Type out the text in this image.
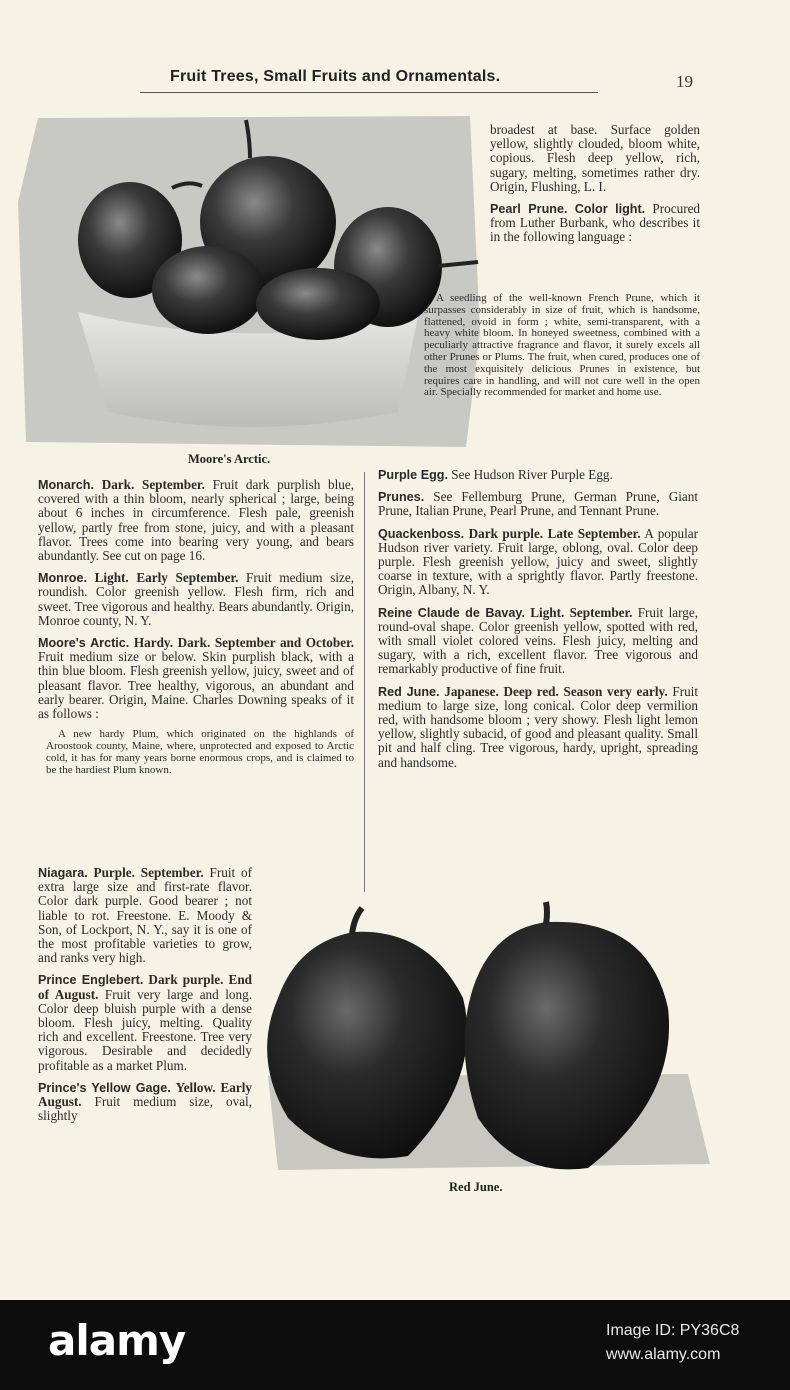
Fruit Trees, Small Fruits and Ornamentals.	19
Moore's Arctic.

broadest at base. Surface golden yellow, slightly clouded, bloom white, copious. Flesh deep yellow, rich, sugary, melting, sometimes rather dry. Origin, Flushing, L. I.

Pearl Prune. Color light. Procured from Luther Burbank, who describes it in the following language :

A seedling of the well-known French Prune, which it surpasses considerably in size of fruit, which is handsome, flattened, ovoid in form ; white, semi-transparent, with a heavy white bloom. In honeyed sweetness, combined with a peculiarly attractive fragrance and flavor, it surely excels all other Prunes or Plums. The fruit, when cured, produces one of the most exquisitely delicious Prunes in existence, but requires care in handling, and will not cure well in the open air. Specially recommended for market and home use.

Purple Egg. See Hudson River Purple Egg.

Prunes. See Fellemburg Prune, German Prune, Giant Prune, Italian Prune, Pearl Prune, and Tennant Prune.

Quackenboss. Dark purple. Late September. A popular Hudson river variety. Fruit large, oblong, oval. Color deep purple. Flesh greenish yellow, juicy and sweet, slightly coarse in texture, with a sprightly flavor. Partly freestone. Origin, Albany, N. Y.

Reine Claude de Bavay. Light. September. Fruit large, round-oval shape. Color greenish yellow, spotted with red, with small violet colored veins. Flesh juicy, melting and sugary, with a rich, excellent flavor. Tree vigorous and remarkably productive of fine fruit.

Red June. Japanese. Deep red. Season very early. Fruit medium to large size, long conical. Color deep vermilion red, with handsome bloom ; very showy. Flesh light lemon yellow, slightly subacid, of good and pleasant quality. Small pit and half cling. Tree vigorous, hardy, upright, spreading and handsome.

Monarch. Dark. September. Fruit dark purplish blue, covered with a thin bloom, nearly spherical ; large, being about 6 inches in circumference. Flesh pale, greenish yellow, partly free from stone, juicy, and with a pleasant flavor. Trees come into bearing very young, and bears abundantly. See cut on page 16.

Monroe. Light. Early September. Fruit medium size, roundish. Color greenish yellow. Flesh firm, rich and sweet. Tree vigorous and healthy. Bears abundantly. Origin, Monroe county, N. Y.

Moore's Arctic. Hardy. Dark. September and October. Fruit medium size or below. Skin purplish black, with a thin blue bloom. Flesh greenish yellow, juicy, sweet and of pleasant flavor. Tree healthy, vigorous, an abundant and early bearer. Origin, Maine. Charles Downing speaks of it as follows :

A new hardy Plum, which originated on the highlands of Aroostook county, Maine, where, unprotected and exposed to Arctic cold, it has for many years borne enormous crops, and is claimed to be the hardiest Plum known.

Niagara. Purple. September. Fruit of extra large size and first-rate flavor. Color dark purple. Good bearer ; not liable to rot. Freestone. E. Moody & Son, of Lockport, N. Y., say it is one of the most profitable varieties to grow, and ranks very high.

Prince Englebert. Dark purple. End of August. Fruit very large and long. Color deep bluish purple with a dense bloom. Flesh juicy, melting. Quality rich and excellent. Freestone. Tree very vigorous. Desirable and decidedly profitable as a market Plum.

Prince's Yellow Gage. Yellow. Early August. Fruit medium size, oval, slightly

Red June.
alamy	Image ID: PY36C8
www.alamy.com
